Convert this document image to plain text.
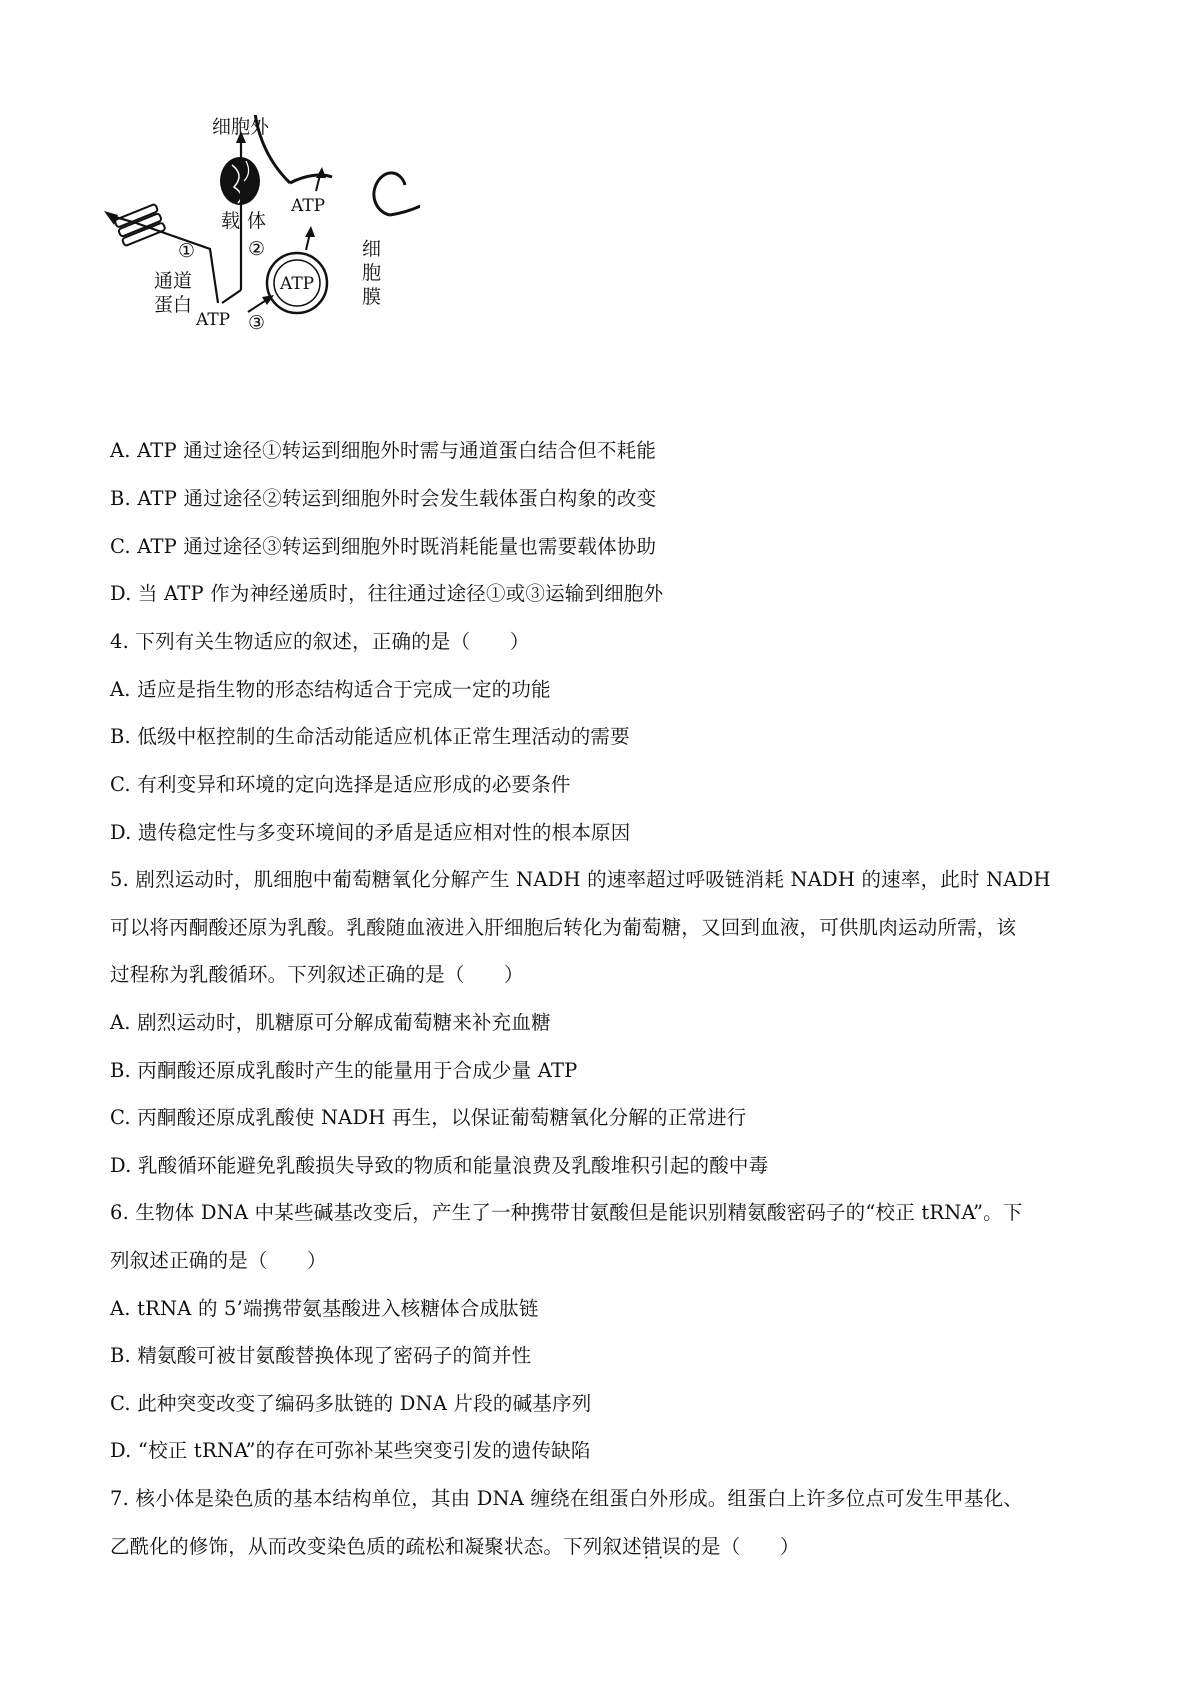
细胞外
载 体
②
①
通道
蛋白
ATP ③
ATP
ATP
细
胞
膜
A. ATP 通过途径①转运到细胞外时需与通道蛋白结合但不耗能
B. ATP 通过途径②转运到细胞外时会发生载体蛋白构象的改变
C. ATP 通过途径③转运到细胞外时既消耗能量也需要载体协助
D. 当 ATP 作为神经递质时，往往通过途径①或③运输到细胞外
4. 下列有关生物适应的叙述，正确的是（　　）
A. 适应是指生物的形态结构适合于完成一定的功能
B. 低级中枢控制的生命活动能适应机体正常生理活动的需要
C. 有利变异和环境的定向选择是适应形成的必要条件
D. 遗传稳定性与多变环境间的矛盾是适应相对性的根本原因
5. 剧烈运动时，肌细胞中葡萄糖氧化分解产生 NADH 的速率超过呼吸链消耗 NADH 的速率，此时 NADH
可以将丙酮酸还原为乳酸。乳酸随血液进入肝细胞后转化为葡萄糖，又回到血液，可供肌肉运动所需，该
过程称为乳酸循环。下列叙述正确的是（　　）
A. 剧烈运动时，肌糖原可分解成葡萄糖来补充血糖
B. 丙酮酸还原成乳酸时产生的能量用于合成少量 ATP
C. 丙酮酸还原成乳酸使 NADH 再生，以保证葡萄糖氧化分解的正常进行
D. 乳酸循环能避免乳酸损失导致的物质和能量浪费及乳酸堆积引起的酸中毒
6. 生物体 DNA 中某些碱基改变后，产生了一种携带甘氨酸但是能识别精氨酸密码子的“校正 tRNA”。下
列叙述正确的是（　　）
A. tRNA 的 5’端携带氨基酸进入核糖体合成肽链
B. 精氨酸可被甘氨酸替换体现了密码子的简并性
C. 此种突变改变了编码多肽链的 DNA 片段的碱基序列
D. “校正 tRNA”的存在可弥补某些突变引发的遗传缺陷
7. 核小体是染色质的基本结构单位，其由 DNA 缠绕在组蛋白外形成。组蛋白上许多位点可发生甲基化、
乙酰化的修饰，从而改变染色质的疏松和凝聚状态。下列叙述错误 · ·的是（　　）
